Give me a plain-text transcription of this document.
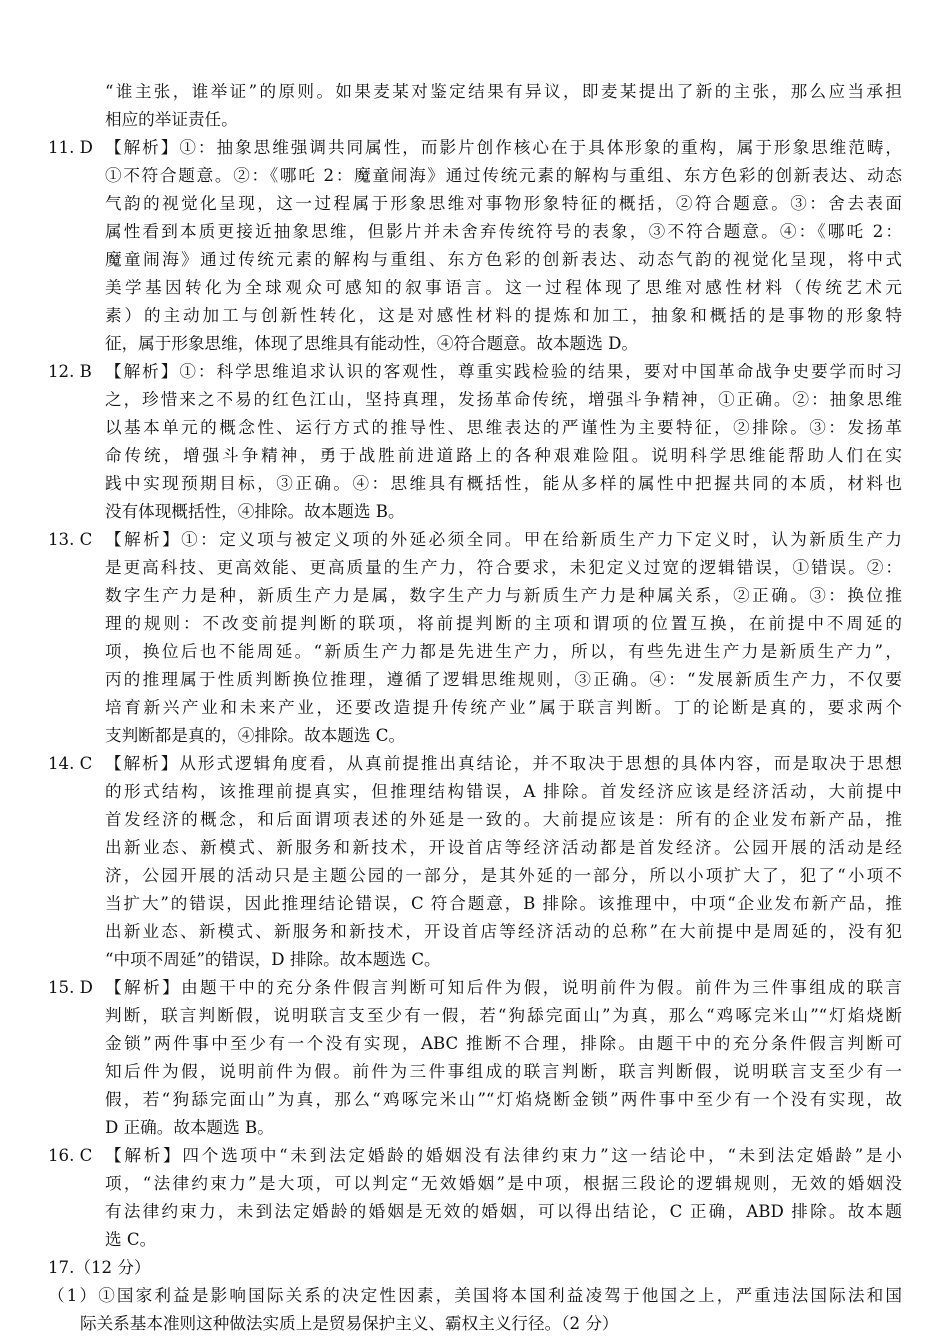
“谁主张，谁举证”的原则。如果麦某对鉴定结果有异议，即麦某提出了新的主张，那么应当承担
相应的举证责任。
11. D 【解析】①：抽象思维强调共同属性，而影片创作核心在于具体形象的重构，属于形象思维范畴，
①不符合题意。②：《哪吒 2：魔童闹海》通过传统元素的解构与重组、东方色彩的创新表达、动态
气韵的视觉化呈现，这一过程属于形象思维对事物形象特征的概括，②符合题意。③：舍去表面
属性看到本质更接近抽象思维，但影片并未舍弃传统符号的表象，③不符合题意。④：《哪吒 2：
魔童闹海》通过传统元素的解构与重组、东方色彩的创新表达、动态气韵的视觉化呈现，将中式
美学基因转化为全球观众可感知的叙事语言。这一过程体现了思维对感性材料（传统艺术元
素）的主动加工与创新性转化，这是对感性材料的提炼和加工，抽象和概括的是事物的形象特
征，属于形象思维，体现了思维具有能动性，④符合题意。故本题选 D。
12. B 【解析】①：科学思维追求认识的客观性，尊重实践检验的结果，要对中国革命战争史要学而时习
之，珍惜来之不易的红色江山，坚持真理，发扬革命传统，增强斗争精神，①正确。②：抽象思维
以基本单元的概念性、运行方式的推导性、思维表达的严谨性为主要特征，②排除。③：发扬革
命传统，增强斗争精神，勇于战胜前进道路上的各种艰难险阻。说明科学思维能帮助人们在实
践中实现预期目标，③正确。④：思维具有概括性，能从多样的属性中把握共同的本质，材料也
没有体现概括性，④排除。故本题选 B。
13. C 【解析】①：定义项与被定义项的外延必须全同。甲在给新质生产力下定义时，认为新质生产力
是更高科技、更高效能、更高质量的生产力，符合要求，未犯定义过宽的逻辑错误，①错误。②：
数字生产力是种，新质生产力是属，数字生产力与新质生产力是种属关系，②正确。③：换位推
理的规则：不改变前提判断的联项，将前提判断的主项和谓项的位置互换，在前提中不周延的
项，换位后也不能周延。“新质生产力都是先进生产力，所以，有些先进生产力是新质生产力”，
丙的推理属于性质判断换位推理，遵循了逻辑思维规则，③正确。④：“发展新质生产力，不仅要
培育新兴产业和未来产业，还要改造提升传统产业”属于联言判断。丁的论断是真的，要求两个
支判断都是真的，④排除。故本题选 C。
14. C 【解析】从形式逻辑角度看，从真前提推出真结论，并不取决于思想的具体内容，而是取决于思想
的形式结构，该推理前提真实，但推理结构错误，A 排除。首发经济应该是经济活动，大前提中
首发经济的概念，和后面谓项表述的外延是一致的。大前提应该是：所有的企业发布新产品，推
出新业态、新模式、新服务和新技术，开设首店等经济活动都是首发经济。公园开展的活动是经
济，公园开展的活动只是主题公园的一部分，是其外延的一部分，所以小项扩大了，犯了“小项不
当扩大”的错误，因此推理结论错误，C 符合题意，B 排除。该推理中，中项“企业发布新产品，推
出新业态、新模式、新服务和新技术，开设首店等经济活动的总称”在大前提中是周延的，没有犯
“中项不周延”的错误，D 排除。故本题选 C。
15. D 【解析】由题干中的充分条件假言判断可知后件为假，说明前件为假。前件为三件事组成的联言
判断，联言判断假，说明联言支至少有一假，若“狗舔完面山”为真，那么“鸡啄完米山”“灯焰烧断
金锁”两件事中至少有一个没有实现，ABC 推断不合理，排除。由题干中的充分条件假言判断可
知后件为假，说明前件为假。前件为三件事组成的联言判断，联言判断假，说明联言支至少有一
假，若“狗舔完面山”为真，那么“鸡啄完米山”“灯焰烧断金锁”两件事中至少有一个没有实现，故
D 正确。故本题选 B。
16. C 【解析】四个选项中“未到法定婚龄的婚姻没有法律约束力”这一结论中，“未到法定婚龄”是小
项，“法律约束力”是大项，可以判定“无效婚姻”是中项，根据三段论的逻辑规则，无效的婚姻没
有法律约束力，未到法定婚龄的婚姻是无效的婚姻，可以得出结论，C 正确，ABD 排除。故本题
选 C。
17.（12 分）
（1）①国家利益是影响国际关系的决定性因素，美国将本国利益凌驾于他国之上，严重违法国际法和国
际关系基本准则这种做法实质上是贸易保护主义、霸权主义行径。（2 分）
